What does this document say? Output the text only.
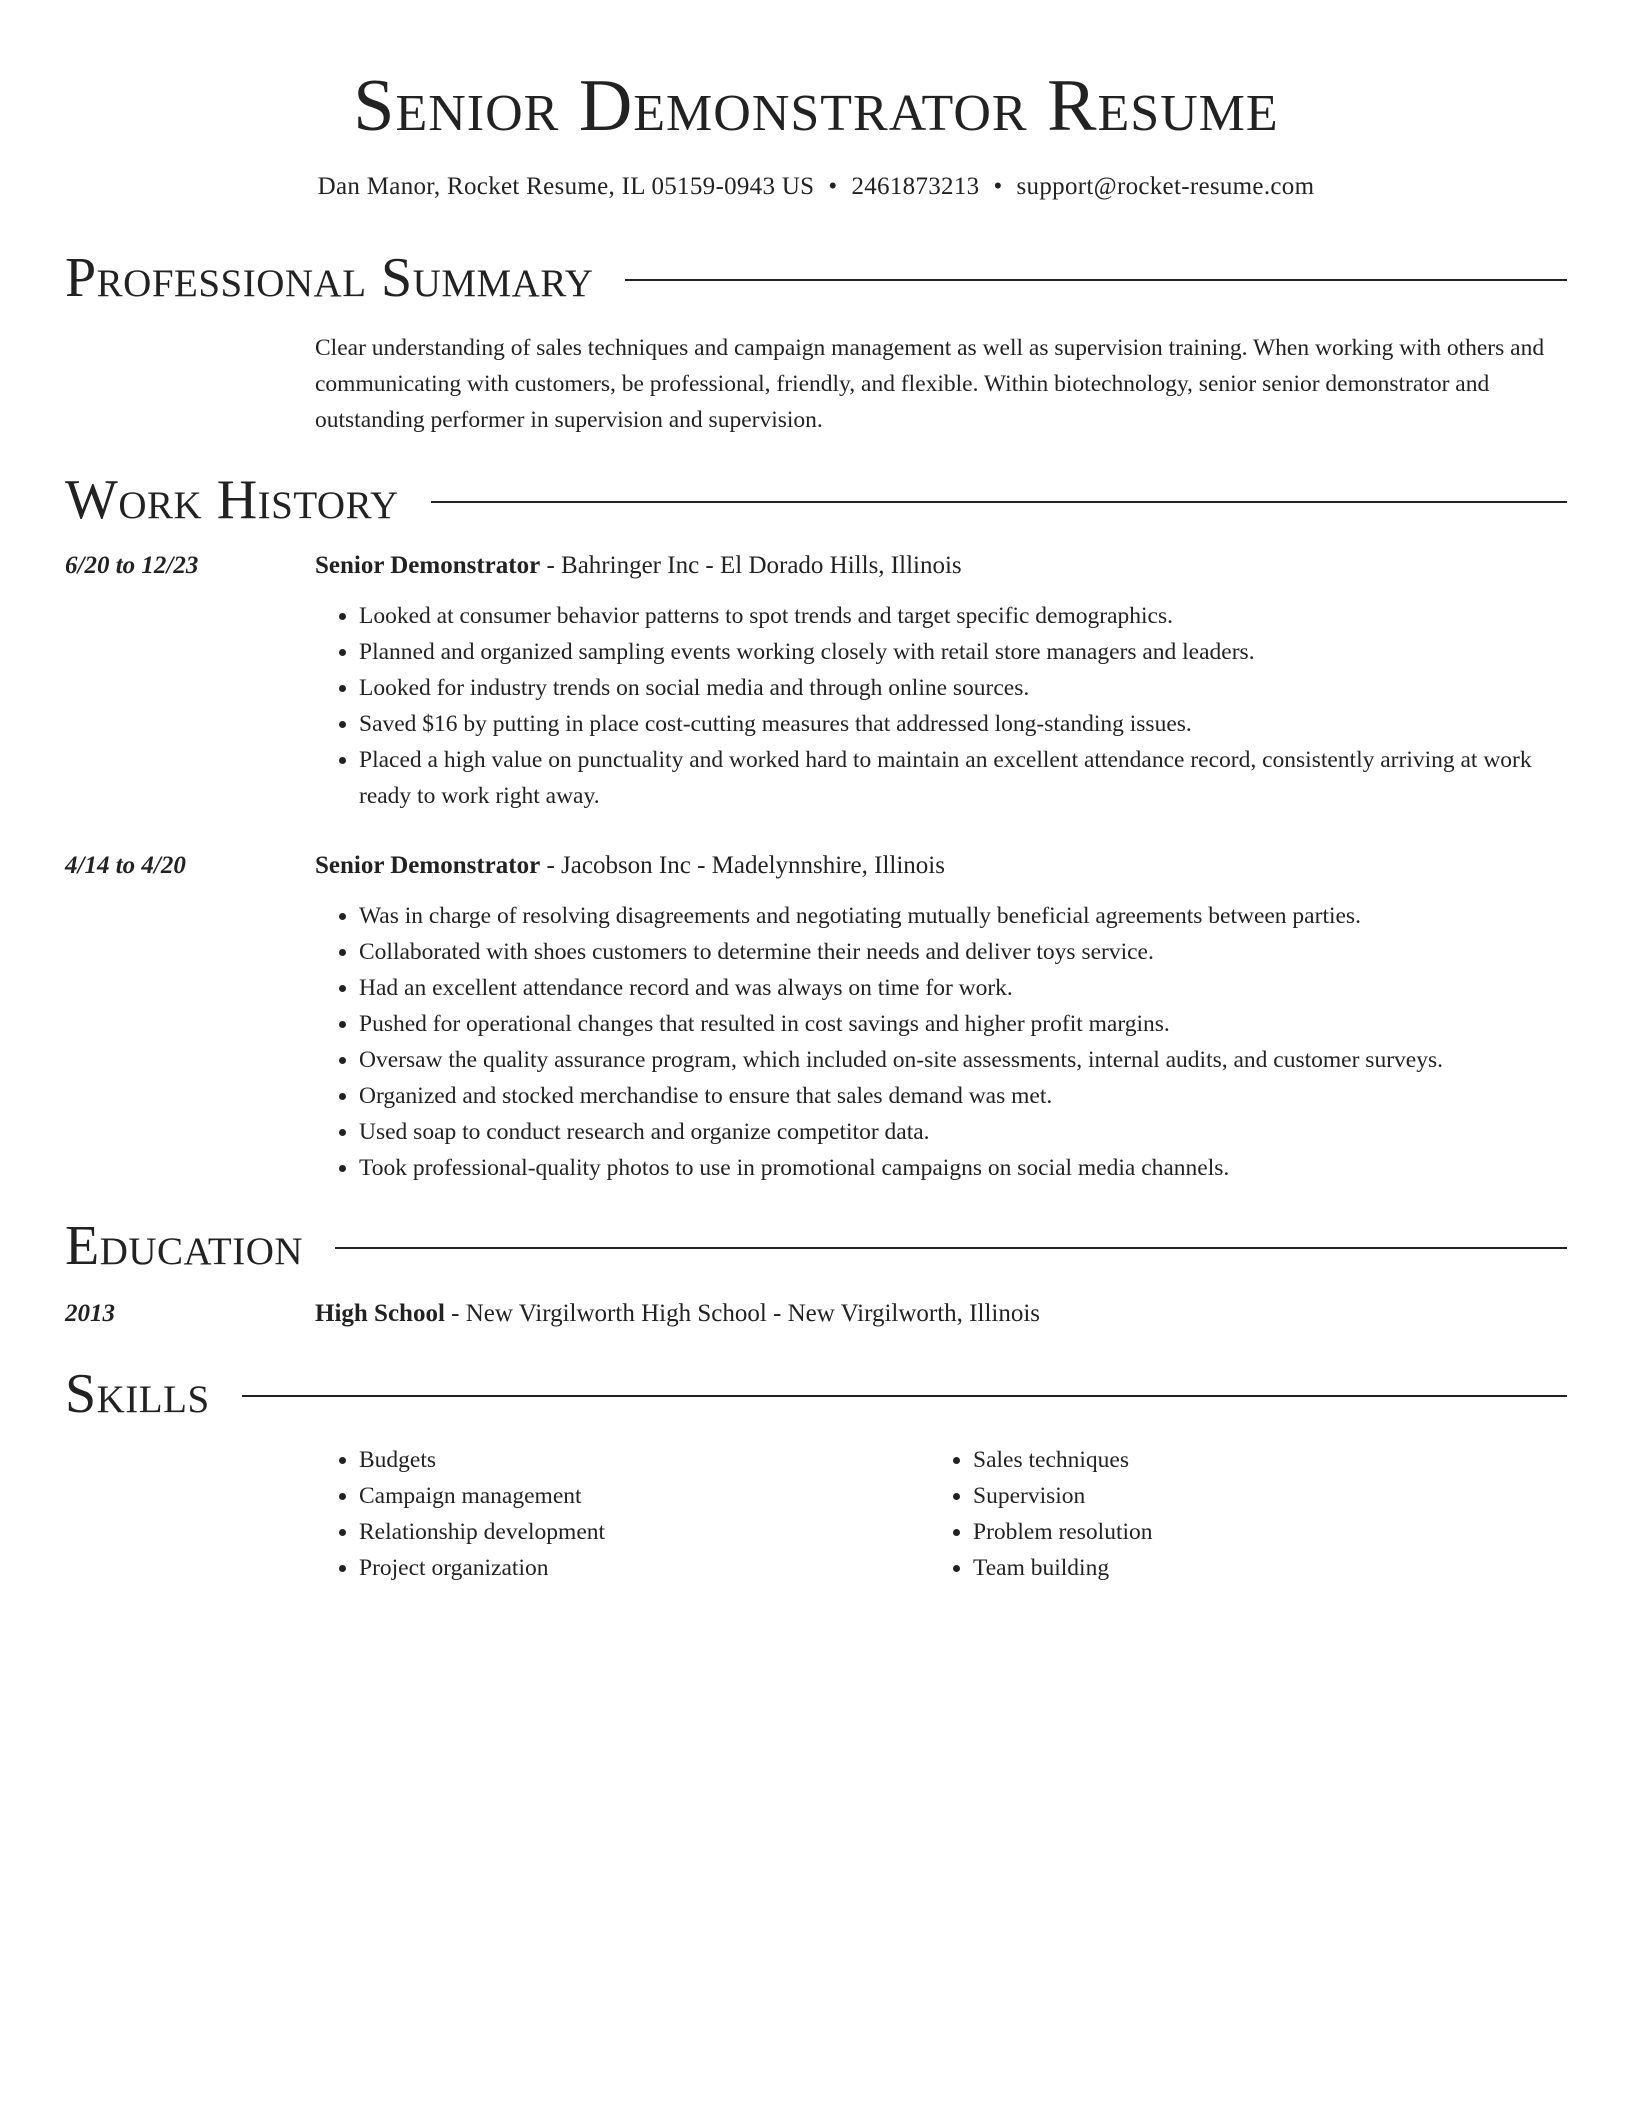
Senior Demonstrator Resume
Dan Manor, Rocket Resume, IL 05159-0943 US • 2461873213 • support@rocket-resume.com
Professional Summary
Clear understanding of sales techniques and campaign management as well as supervision training. When working with others and communicating with customers, be professional, friendly, and flexible. Within biotechnology, senior senior demonstrator and outstanding performer in supervision and supervision.
Work History
6/20 to 12/23	Senior Demonstrator - Bahringer Inc - El Dorado Hills, Illinois
• Looked at consumer behavior patterns to spot trends and target specific demographics.
• Planned and organized sampling events working closely with retail store managers and leaders.
• Looked for industry trends on social media and through online sources.
• Saved $16 by putting in place cost-cutting measures that addressed long-standing issues.
• Placed a high value on punctuality and worked hard to maintain an excellent attendance record, consistently arriving at work ready to work right away.
4/14 to 4/20	Senior Demonstrator - Jacobson Inc - Madelynnshire, Illinois
• Was in charge of resolving disagreements and negotiating mutually beneficial agreements between parties.
• Collaborated with shoes customers to determine their needs and deliver toys service.
• Had an excellent attendance record and was always on time for work.
• Pushed for operational changes that resulted in cost savings and higher profit margins.
• Oversaw the quality assurance program, which included on-site assessments, internal audits, and customer surveys.
• Organized and stocked merchandise to ensure that sales demand was met.
• Used soap to conduct research and organize competitor data.
• Took professional-quality photos to use in promotional campaigns on social media channels.
Education
2013	High School - New Virgilworth High School - New Virgilworth, Illinois
Skills
• Budgets
• Campaign management
• Relationship development
• Project organization
• Sales techniques
• Supervision
• Problem resolution
• Team building
